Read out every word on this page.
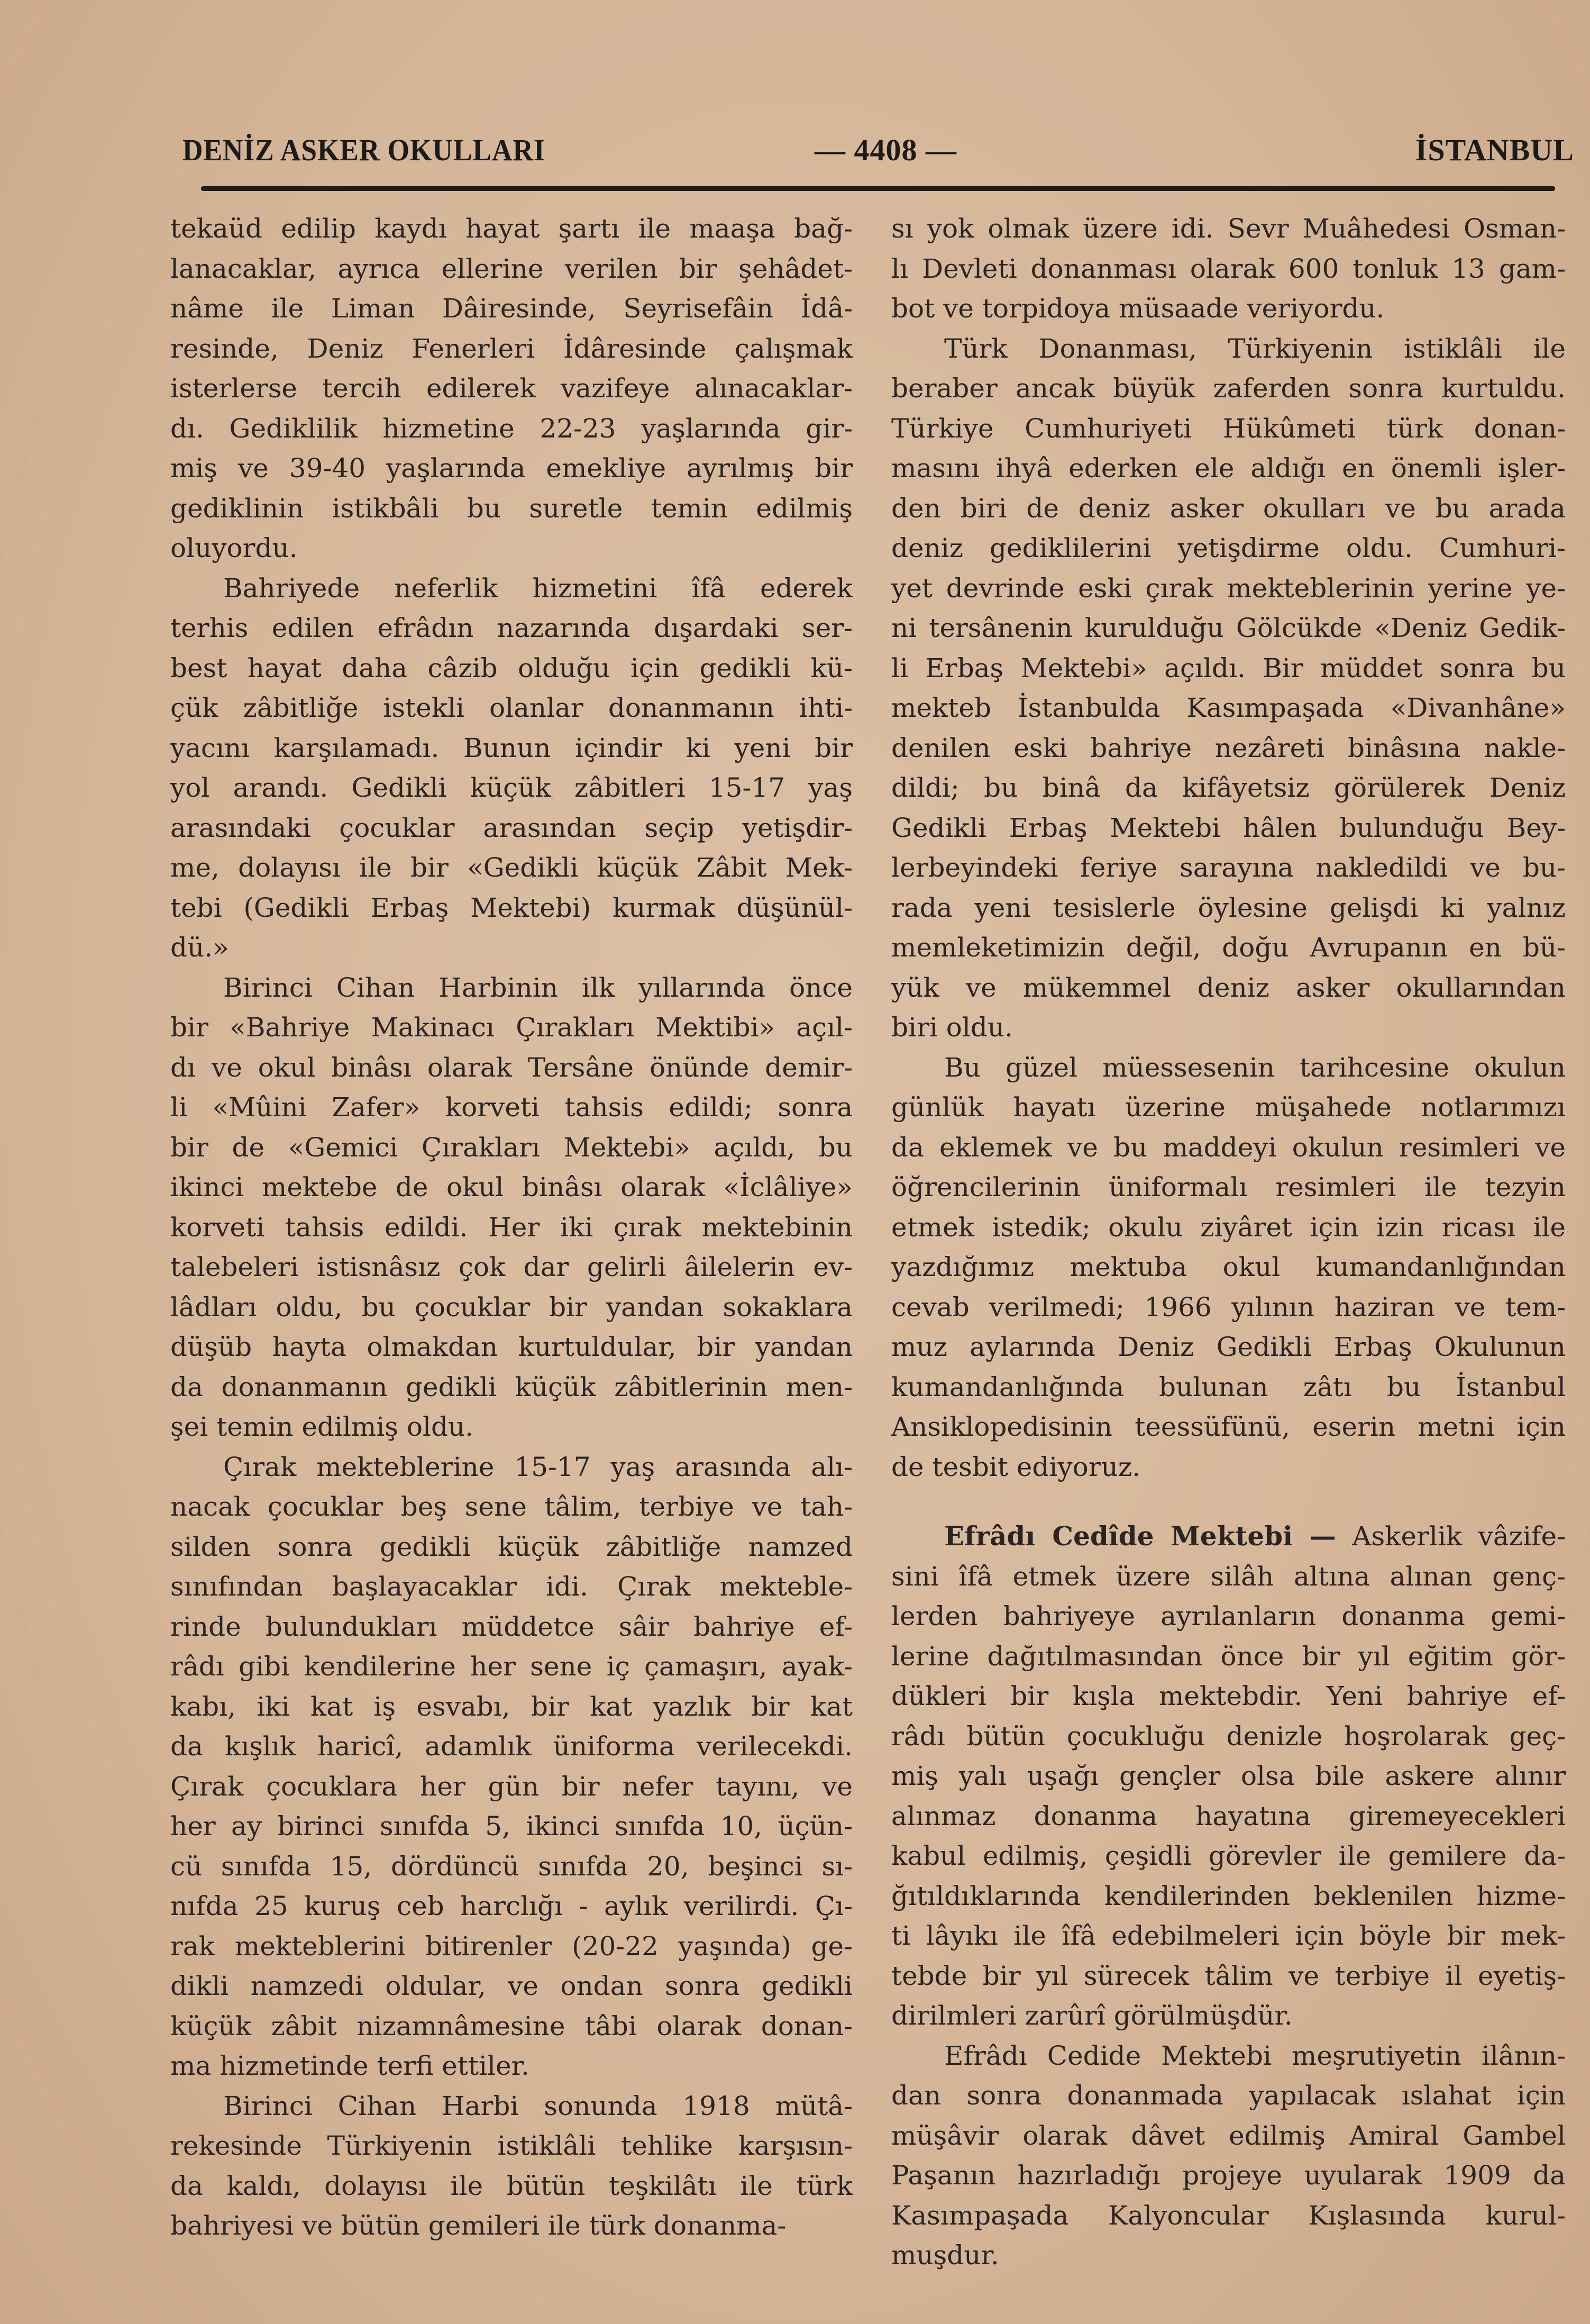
DENİZ ASKER OKULLARI	— 4408 —	İSTANBUL
tekaüd edilip kaydı hayat şartı ile maaşa bağ-
lanacaklar, ayrıca ellerine verilen bir şehâdet-
nâme ile Liman Dâiresinde, Seyrisefâin İdâ-
resinde, Deniz Fenerleri İdâresinde çalışmak
isterlerse tercih edilerek vazifeye alınacaklar-
dı. Gediklilik hizmetine 22-23 yaşlarında gir-
miş ve 39-40 yaşlarında emekliye ayrılmış bir
gediklinin istikbâli bu suretle temin edilmiş
oluyordu.
Bahriyede neferlik hizmetini îfâ ederek
terhis edilen efrâdın nazarında dışardaki ser-
best hayat daha câzib olduğu için gedikli kü-
çük zâbitliğe istekli olanlar donanmanın ihti-
yacını karşılamadı. Bunun içindir ki yeni bir
yol arandı. Gedikli küçük zâbitleri 15-17 yaş
arasındaki çocuklar arasından seçip yetişdir-
me, dolayısı ile bir «Gedikli küçük Zâbit Mek-
tebi (Gedikli Erbaş Mektebi) kurmak düşünül-
dü.»
Birinci Cihan Harbinin ilk yıllarında önce
bir «Bahriye Makinacı Çırakları Mektibi» açıl-
dı ve okul binâsı olarak Tersâne önünde demir-
li «Mûini Zafer» korveti tahsis edildi; sonra
bir de «Gemici Çırakları Mektebi» açıldı, bu
ikinci mektebe de okul binâsı olarak «İclâliye»
korveti tahsis edildi. Her iki çırak mektebinin
talebeleri istisnâsız çok dar gelirli âilelerin ev-
lâdları oldu, bu çocuklar bir yandan sokaklara
düşüb hayta olmakdan kurtuldular, bir yandan
da donanmanın gedikli küçük zâbitlerinin men-
şei temin edilmiş oldu.
Çırak mekteblerine 15-17 yaş arasında alı-
nacak çocuklar beş sene tâlim, terbiye ve tah-
silden sonra gedikli küçük zâbitliğe namzed
sınıfından başlayacaklar idi. Çırak mekteble-
rinde bulundukları müddetce sâir bahriye ef-
râdı gibi kendilerine her sene iç çamaşırı, ayak-
kabı, iki kat iş esvabı, bir kat yazlık bir kat
da kışlık haricî, adamlık üniforma verilecekdi.
Çırak çocuklara her gün bir nefer tayını, ve
her ay birinci sınıfda 5, ikinci sınıfda 10, üçün-
cü sınıfda 15, dördüncü sınıfda 20, beşinci sı-
nıfda 25 kuruş ceb harclığı - aylık verilirdi. Çı-
rak mekteblerini bitirenler (20-22 yaşında) ge-
dikli namzedi oldular, ve ondan sonra gedikli
küçük zâbit nizamnâmesine tâbi olarak donan-
ma hizmetinde terfi ettiler.
Birinci Cihan Harbi sonunda 1918 mütâ-
rekesinde Türkiyenin istiklâli tehlike karşısın-
da kaldı, dolayısı ile bütün teşkilâtı ile türk
bahriyesi ve bütün gemileri ile türk donanma-
sı yok olmak üzere idi. Sevr Muâhedesi Osman-
lı Devleti donanması olarak 600 tonluk 13 gam-
bot ve torpidoya müsaade veriyordu.
Türk Donanması, Türkiyenin istiklâli ile
beraber ancak büyük zaferden sonra kurtuldu.
Türkiye Cumhuriyeti Hükûmeti türk donan-
masını ihyâ ederken ele aldığı en önemli işler-
den biri de deniz asker okulları ve bu arada
deniz gediklilerini yetişdirme oldu. Cumhuri-
yet devrinde eski çırak mekteblerinin yerine ye-
ni tersânenin kurulduğu Gölcükde «Deniz Gedik-
li Erbaş Mektebi» açıldı. Bir müddet sonra bu
mekteb İstanbulda Kasımpaşada «Divanhâne»
denilen eski bahriye nezâreti binâsına nakle-
dildi; bu binâ da kifâyetsiz görülerek Deniz
Gedikli Erbaş Mektebi hâlen bulunduğu Bey-
lerbeyindeki feriye sarayına nakledildi ve bu-
rada yeni tesislerle öylesine gelişdi ki yalnız
memleketimizin değil, doğu Avrupanın en bü-
yük ve mükemmel deniz asker okullarından
biri oldu.
Bu güzel müessesenin tarihcesine okulun
günlük hayatı üzerine müşahede notlarımızı
da eklemek ve bu maddeyi okulun resimleri ve
öğrencilerinin üniformalı resimleri ile tezyin
etmek istedik; okulu ziyâret için izin ricası ile
yazdığımız mektuba okul kumandanlığından
cevab verilmedi; 1966 yılının haziran ve tem-
muz aylarında Deniz Gedikli Erbaş Okulunun
kumandanlığında bulunan zâtı bu İstanbul
Ansiklopedisinin teessüfünü, eserin metni için
de tesbit ediyoruz.
Efrâdı Cedîde Mektebi — Askerlik vâzife-
sini îfâ etmek üzere silâh altına alınan genç-
lerden bahriyeye ayrılanların donanma gemi-
lerine dağıtılmasından önce bir yıl eğitim gör-
dükleri bir kışla mektebdir. Yeni bahriye ef-
râdı bütün çocukluğu denizle hoşrolarak geç-
miş yalı uşağı gençler olsa bile askere alınır
alınmaz donanma hayatına giremeyecekleri
kabul edilmiş, çeşidli görevler ile gemilere da-
ğıtıldıklarında kendilerinden beklenilen hizme-
ti lâyıkı ile îfâ edebilmeleri için böyle bir mek-
tebde bir yıl sürecek tâlim ve terbiye il eyetiş-
dirilmleri zarûrî görülmüşdür.
Efrâdı Cedide Mektebi meşrutiyetin ilânın-
dan sonra donanmada yapılacak ıslahat için
müşâvir olarak dâvet edilmiş Amiral Gambel
Paşanın hazırladığı projeye uyularak 1909 da
Kasımpaşada Kalyoncular Kışlasında kurul-
muşdur.
